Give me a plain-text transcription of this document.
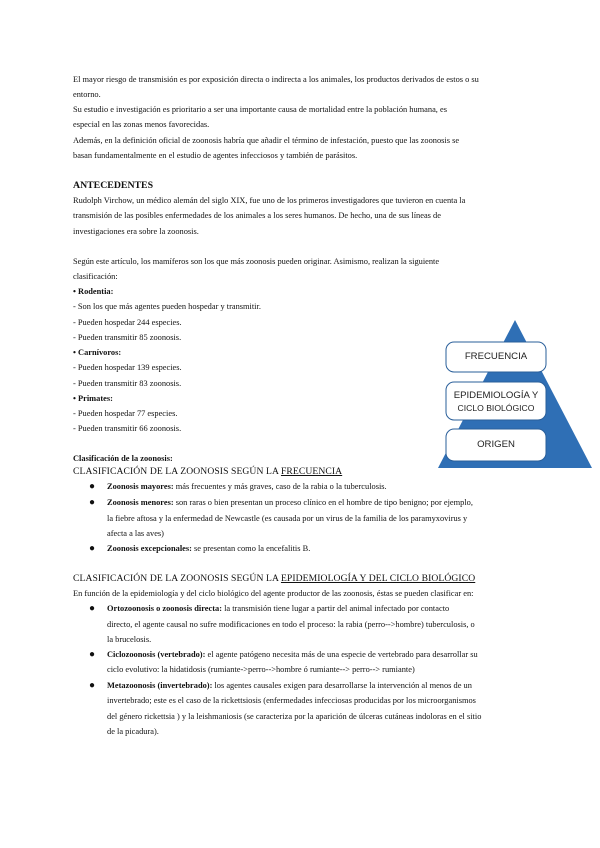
El mayor riesgo de transmisión es por exposición directa o indirecta a los animales, los productos derivados de estos o su
entorno.
Su estudio e investigación es prioritario a ser una importante causa de mortalidad entre la población humana, es
especial en las zonas menos favorecidas.
Además, en la definición oficial de zoonosis habría que añadir el término de infestación, puesto que las zoonosis se
basan fundamentalmente en el estudio de agentes infecciosos y también de parásitos.
ANTECEDENTES
Rudolph Virchow, un médico alemán del siglo XIX, fue uno de los primeros investigadores que tuvieron en cuenta la
transmisión de las posibles enfermedades de los animales a los seres humanos. De hecho, una de sus líneas de
investigaciones era sobre la zoonosis.
Según este artículo, los mamíferos son los que más zoonosis pueden originar. Asimismo, realizan la siguiente
clasificación:
• Rodentia:
- Son los que más agentes pueden hospedar y transmitir.
- Pueden hospedar 244 especies.
- Pueden transmitir 85 zoonosis.
• Carnívoros:
- Pueden hospedar 139 especies.
- Pueden transmitir 83 zoonosis.
• Primates:
- Pueden hospedar 77 especies.
- Pueden transmitir 66 zoonosis.
Clasificación de la zoonosis:
CLASIFICACIÓN DE LA ZOONOSIS SEGÚN LA FRECUENCIA
● Zoonosis mayores: más frecuentes y más graves, caso de la rabia o la tuberculosis.
● Zoonosis menores: son raras o bien presentan un proceso clínico en el hombre de tipo benigno; por ejemplo,
la fiebre aftosa y la enfermedad de Newcastle (es causada por un virus de la familia de los paramyxovirus y
afecta a las aves)
● Zoonosis excepcionales: se presentan como la encefalitis B.
CLASIFICACIÓN DE LA ZOONOSIS SEGÚN LA EPIDEMIOLOGÍA Y DEL CICLO BIOLÓGICO
En función de la epidemiología y del ciclo biológico del agente productor de las zoonosis, éstas se pueden clasificar en:
● Ortozoonosis o zoonosis directa: la transmisión tiene lugar a partir del animal infectado por contacto
directo, el agente causal no sufre modificaciones en todo el proceso: la rabia (perro-->hombre) tuberculosis, o
la brucelosis.
● Ciclozoonosis (vertebrado): el agente patógeno necesita más de una especie de vertebrado para desarrollar su
ciclo evolutivo: la hidatidosis (rumiante->perro-->hombre ó rumiante--> perro--> rumiante)
● Metazoonosis (invertebrado): los agentes causales exigen para desarrollarse la intervención al menos de un
invertebrado; este es el caso de la rickettsiosis (enfermedades infecciosas producidas por los microorganismos
del género rickettsia ) y la leishmaniosis (se caracteriza por la aparición de úlceras cutáneas indoloras en el sitio
de la picadura).
FRECUENCIA
EPIDEMIOLOGÍA Y
CICLO BIOLÓGICO
ORIGEN
